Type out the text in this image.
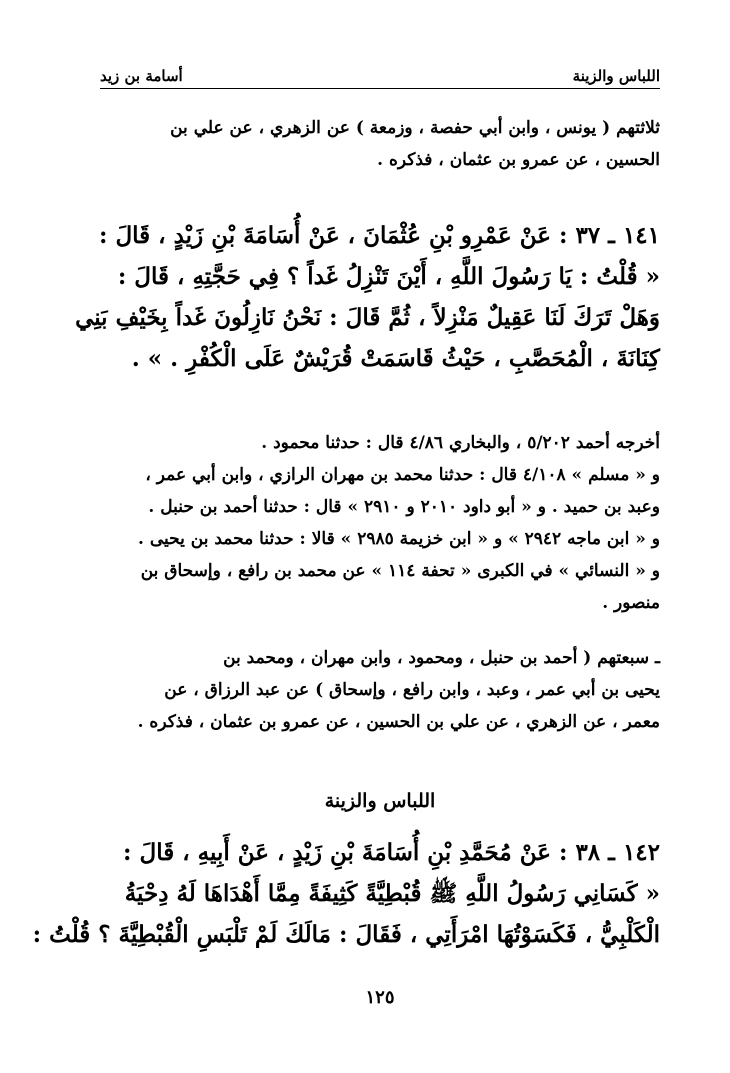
اللباس والزينة
أسامة بن زيد
ثلاثتهم ( يونس ، وابن أبي حفصة ، وزمعة ) عن الزهري ، عن علي بن
الحسين ، عن عمرو بن عثمان ، فذكره .
١٤١ ـ ٣٧ : عَنْ عَمْرِو بْنِ عُثْمَانَ ، عَنْ أُسَامَةَ بْنِ زَيْدٍ ، قَالَ :
« قُلْتُ : يَا رَسُولَ اللَّهِ ، أَيْنَ تَنْزِلُ غَداً ؟ فِي حَجَّتِهِ ، قَالَ :
وَهَلْ تَرَكَ لَنَا عَقِيلٌ مَنْزِلاً ، ثُمَّ قَالَ : نَحْنُ نَازِلُونَ غَداً بِخَيْفِ بَنِي
كِنَانَةَ ، الْمُحَصَّبِ ، حَيْثُ قَاسَمَتْ قُرَيْشٌ عَلَى الْكُفْرِ . » .
أخرجه أحمد ٥/٢٠٢ ، والبخاري ٤/٨٦ قال : حدثنا محمود .
و « مسلم » ٤/١٠٨ قال : حدثنا محمد بن مهران الرازي ، وابن أبي عمر ،
وعبد بن حميد . و « أبو داود ٢٠١٠ و ٢٩١٠ » قال : حدثنا أحمد بن حنبل .
و « ابن ماجه ٢٩٤٢ » و « ابن خزيمة ٢٩٨٥ » قالا : حدثنا محمد بن يحيى .
و « النسائي » في الكبرى « تحفة ١١٤ » عن محمد بن رافع ، وإسحاق بن
منصور .
ـ سبعتهم ( أحمد بن حنبل ، ومحمود ، وابن مهران ، ومحمد بن
يحيى بن أبي عمر ، وعبد ، وابن رافع ، وإسحاق ) عن عبد الرزاق ، عن
معمر ، عن الزهري ، عن علي بن الحسين ، عن عمرو بن عثمان ، فذكره .
اللباس والزينة
١٤٢ ـ ٣٨ : عَنْ مُحَمَّدِ بْنِ أُسَامَةَ بْنِ زَيْدٍ ، عَنْ أَبِيهِ ، قَالَ :
« كَسَانِي رَسُولُ اللَّهِ ﷺ قُبْطِيَّةً كَثِيفَةً مِمَّا أَهْدَاهَا لَهُ دِحْيَةُ
الْكَلْبِيُّ ، فَكَسَوْتُهَا امْرَأَتِي ، فَقَالَ : مَالَكَ لَمْ تَلْبَسِ الْقُبْطِيَّةَ ؟ قُلْتُ :
١٢٥
